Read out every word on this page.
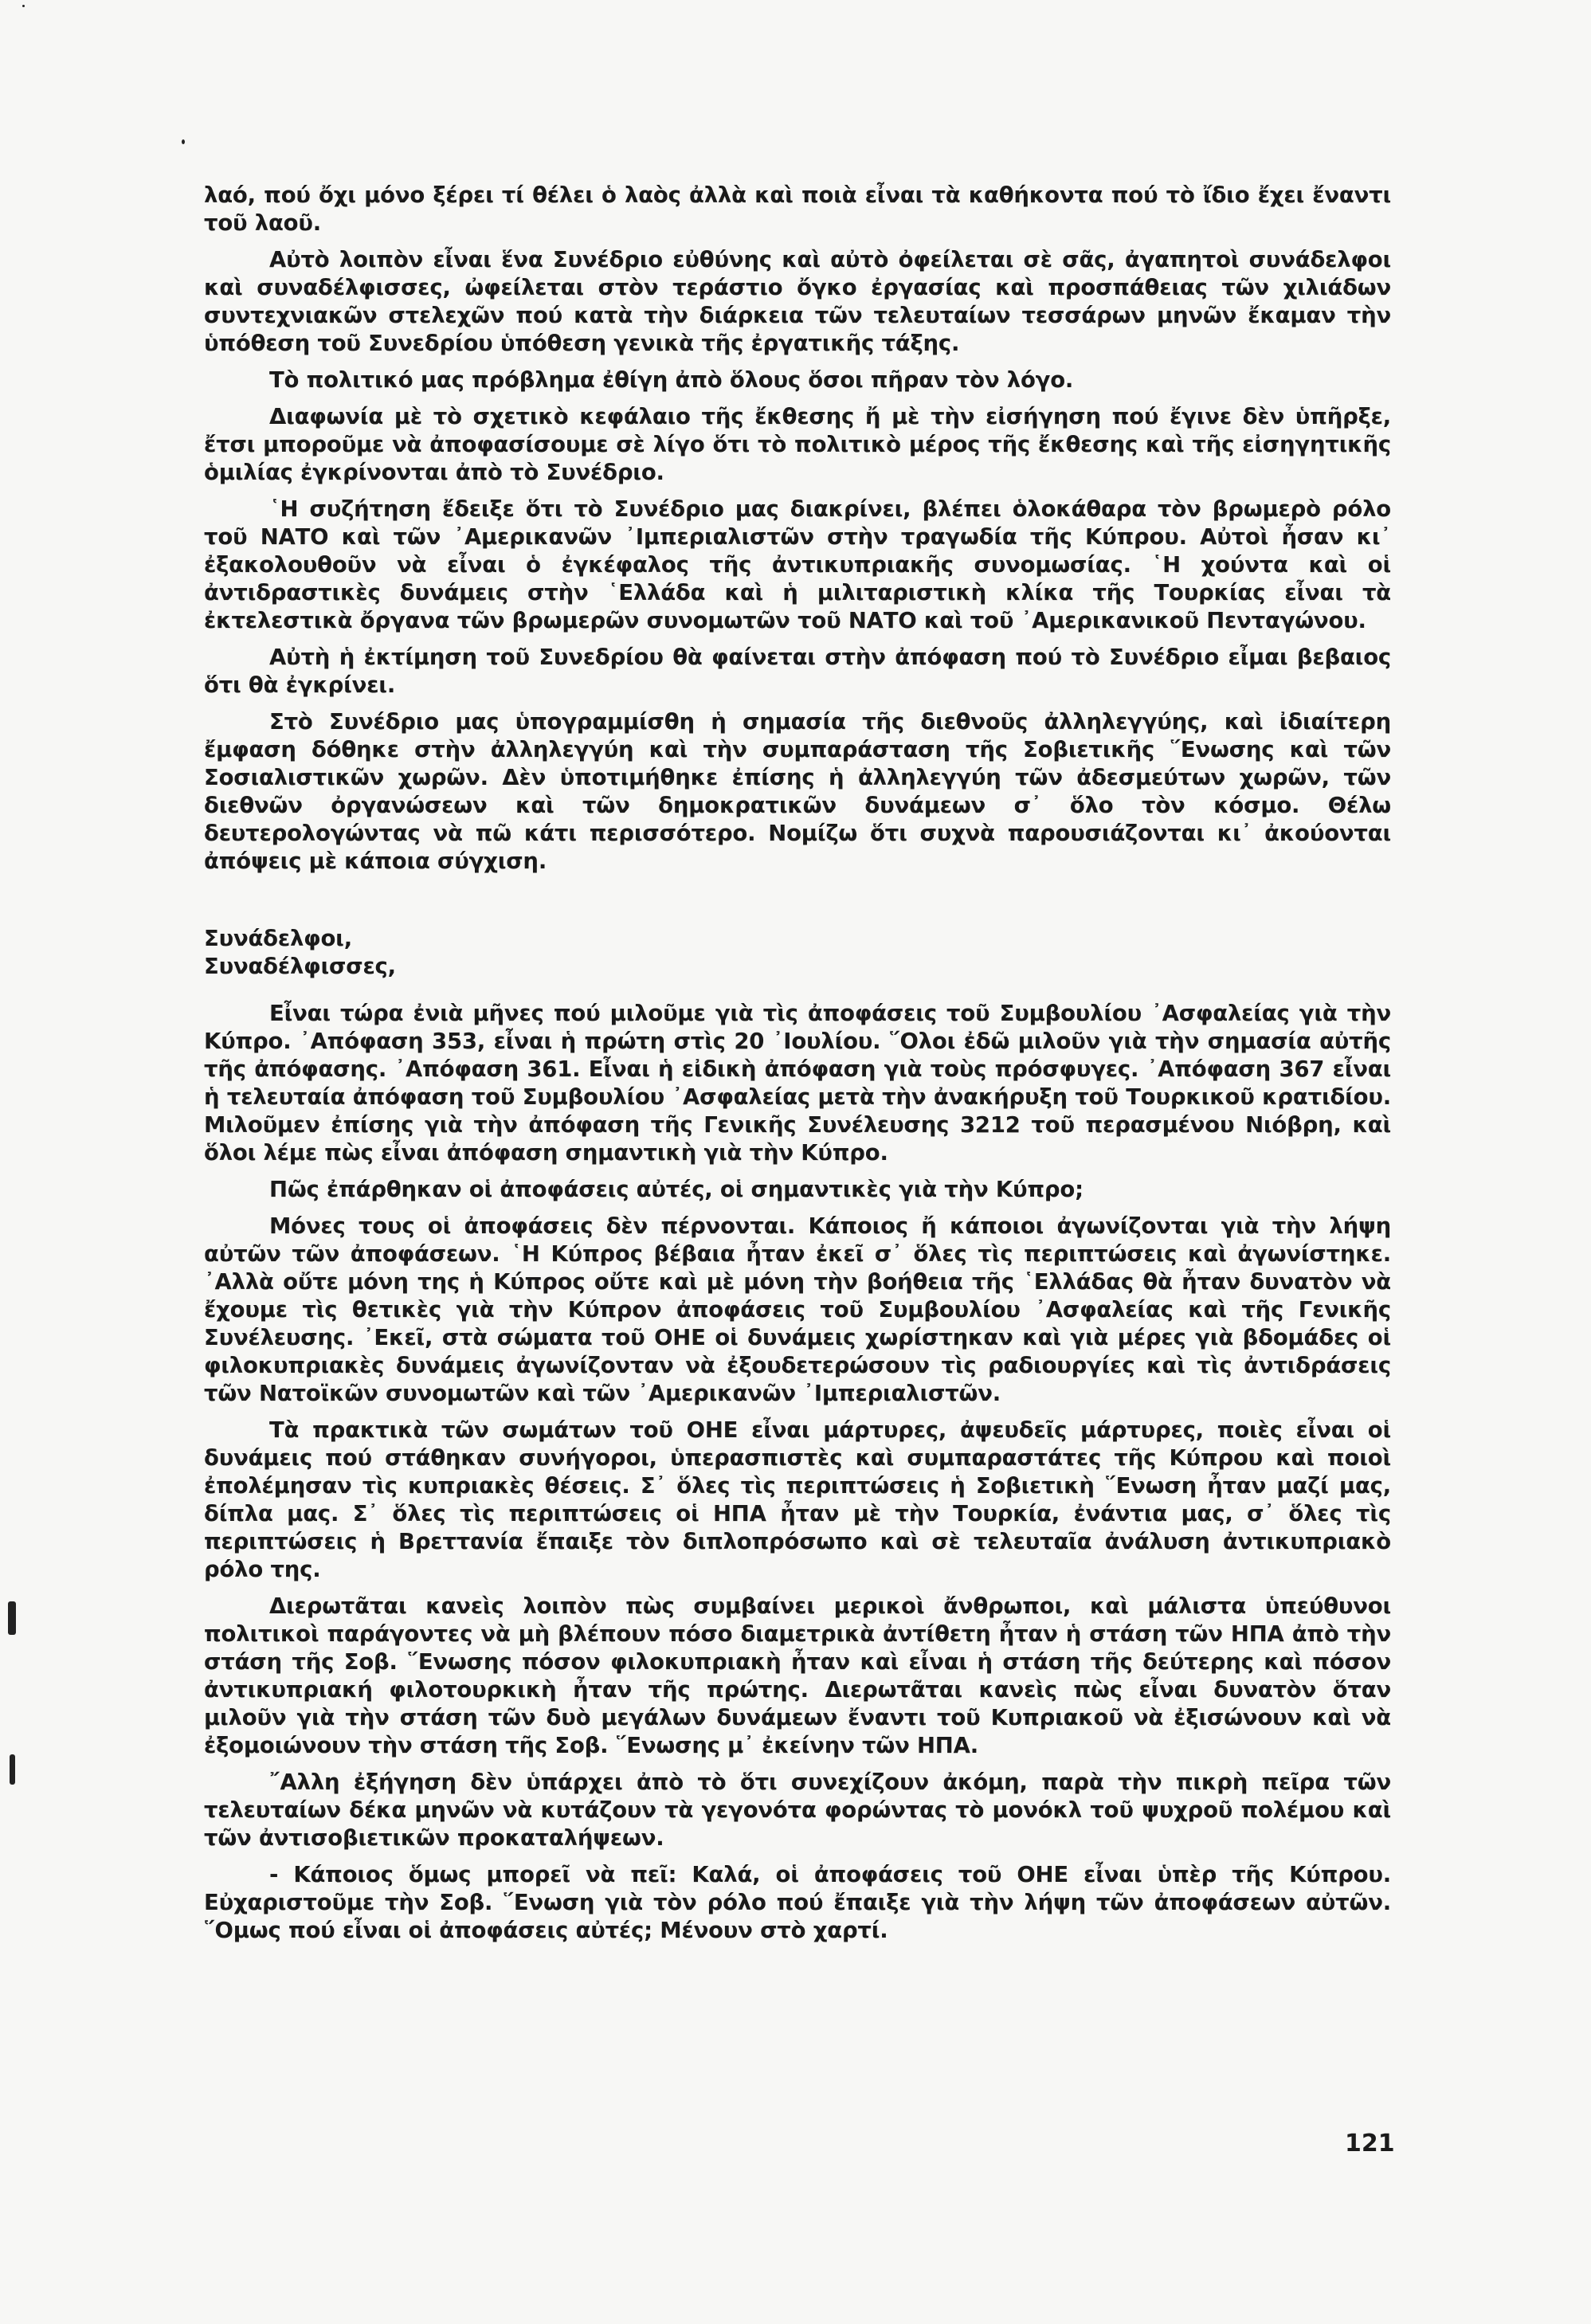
λαό, πού ὄχι μόνο ξέρει τί θέλει ὁ λαὸς ἀλλὰ καὶ ποιὰ εἶναι τὰ καθήκοντα πού τὸ ἴδιο ἔχει ἔναντι τοῦ λαοῦ.

Αὐτὸ λοιπὸν εἶναι ἕνα Συνέδριο εὐθύνης καὶ αὐτὸ ὀφείλεται σὲ σᾶς, ἀγαπητοὶ συνάδελφοι καὶ συναδέλφισσες, ὠφείλεται στὸν τεράστιο ὄγκο ἐργασίας καὶ προσπάθειας τῶν χιλιάδων συντεχνιακῶν στελεχῶν πού κατὰ τὴν διάρκεια τῶν τελευταίων τεσσάρων μηνῶν ἔκαμαν τὴν ὑπόθεση τοῦ Συνεδρίου ὑπόθεση γενικὰ τῆς ἐργατικῆς τάξης.

Τὸ πολιτικό μας πρόβλημα ἐθίγη ἀπὸ ὅλους ὅσοι πῆραν τὸν λόγο.

Διαφωνία μὲ τὸ σχετικὸ κεφάλαιο τῆς ἔκθεσης ἤ μὲ τὴν εἰσήγηση πού ἔγινε δὲν ὑπῆρξε, ἔτσι μποροῦμε νὰ ἀποφασίσουμε σὲ λίγο ὅτι τὸ πολιτικὸ μέρος τῆς ἔκθεσης καὶ τῆς εἰσηγητικῆς ὁμιλίας ἐγκρίνονται ἀπὸ τὸ Συνέδριο.

῾Η συζήτηση ἔδειξε ὅτι τὸ Συνέδριο μας διακρίνει, βλέπει ὁλοκάθαρα τὸν βρωμερὸ ρόλο τοῦ ΝΑΤΟ καὶ τῶν ᾿Αμερικανῶν ᾿Ιμπεριαλιστῶν στὴν τραγωδία τῆς Κύπρου. Αὐτοὶ ἦσαν κι᾿ ἐξακολουθοῦν νὰ εἶναι ὁ ἐγκέφαλος τῆς ἀντικυπριακῆς συνομωσίας. ῾Η χούντα καὶ οἱ ἀντιδραστικὲς δυνάμεις στὴν ῾Ελλάδα καὶ ἡ μιλιταριστικὴ κλίκα τῆς Τουρκίας εἶναι τὰ ἐκτελεστικὰ ὄργανα τῶν βρωμερῶν συνομωτῶν τοῦ ΝΑΤΟ καὶ τοῦ ᾿Αμερικανικοῦ Πενταγώνου.

Αὐτὴ ἡ ἐκτίμηση τοῦ Συνεδρίου θὰ φαίνεται στὴν ἀπόφαση πού τὸ Συνέδριο εἶμαι βεβαιος ὅτι θὰ ἐγκρίνει.

Στὸ Συνέδριο μας ὑπογραμμίσθη ἡ σημασία τῆς διεθνοῦς ἀλληλεγγύης, καὶ ἰδιαίτερη ἔμφαση δόθηκε στὴν ἀλληλεγγύη καὶ τὴν συμπαράσταση τῆς Σοβιετικῆς ῞Ενωσης καὶ τῶν Σοσιαλιστικῶν χωρῶν. Δὲν ὑποτιμήθηκε ἐπίσης ἡ ἀλληλεγγύη τῶν ἀδεσμεύτων χωρῶν, τῶν διεθνῶν ὀργανώσεων καὶ τῶν δημοκρατικῶν δυνάμεων σ᾿ ὅλο τὸν κόσμο. Θέλω δευτερολογώντας νὰ πῶ κάτι περισσότερο. Νομίζω ὅτι συχνὰ παρουσιάζονται κι᾿ ἀκούονται ἀπόψεις μὲ κάποια σύγχιση.

Συνάδελφοι,
Συναδέλφισσες,

Εἶναι τώρα ἐνιὰ μῆνες πού μιλοῦμε γιὰ τὶς ἀποφάσεις τοῦ Συμβουλίου ᾿Ασφαλείας γιὰ τὴν Κύπρο. ᾿Απόφαση 353, εἶναι ἡ πρώτη στὶς 20 ᾿Ιουλίου. ῞Ολοι ἐδῶ μιλοῦν γιὰ τὴν σημασία αὐτῆς τῆς ἀπόφασης. ᾿Απόφαση 361. Εἶναι ἡ εἰδικὴ ἀπόφαση γιὰ τοὺς πρόσφυγες. ᾿Απόφαση 367 εἶναι ἡ τελευταία ἀπόφαση τοῦ Συμβουλίου ᾿Ασφαλείας μετὰ τὴν ἀνακήρυξη τοῦ Τουρκικοῦ κρατιδίου. Μιλοῦμεν ἐπίσης γιὰ τὴν ἀπόφαση τῆς Γενικῆς Συνέλευσης 3212 τοῦ περασμένου Νιόβρη, καὶ ὅλοι λέμε πὼς εἶναι ἀπόφαση σημαντικὴ γιὰ τὴν Κύπρο.

Πῶς ἐπάρθηκαν οἱ ἀποφάσεις αὐτές, οἱ σημαντικὲς γιὰ τὴν Κύπρο;

Μόνες τους οἱ ἀποφάσεις δὲν πέρνονται. Κάποιος ἤ κάποιοι ἀγωνίζονται γιὰ τὴν λήψη αὐτῶν τῶν ἀποφάσεων. ῾Η Κύπρος βέβαια ἦταν ἐκεῖ σ᾿ ὅλες τὶς περιπτώσεις καὶ ἀγωνίστηκε. ᾿Αλλὰ οὔτε μόνη της ἡ Κύπρος οὔτε καὶ μὲ μόνη τὴν βοήθεια τῆς ῾Ελλάδας θὰ ἦταν δυνατὸν νὰ ἔχουμε τὶς θετικὲς γιὰ τὴν Κύπρον ἀποφάσεις τοῦ Συμβουλίου ᾿Ασφαλείας καὶ τῆς Γενικῆς Συνέλευσης. ᾿Εκεῖ, στὰ σώματα τοῦ ΟΗΕ οἱ δυνάμεις χωρίστηκαν καὶ γιὰ μέρες γιὰ βδομάδες οἱ φιλοκυπριακὲς δυνάμεις ἀγωνίζονταν νὰ ἐξουδετερώσουν τὶς ραδιουργίες καὶ τὶς ἀντιδράσεις τῶν Νατοϊκῶν συνομωτῶν καὶ τῶν ᾿Αμερικανῶν ᾿Ιμπεριαλιστῶν.

Τὰ πρακτικὰ τῶν σωμάτων τοῦ ΟΗΕ εἶναι μάρτυρες, ἀψευδεῖς μάρτυρες, ποιὲς εἶναι οἱ δυνάμεις πού στάθηκαν συνήγοροι, ὑπερασπιστὲς καὶ συμπαραστάτες τῆς Κύπρου καὶ ποιοὶ ἐπολέμησαν τὶς κυπριακὲς θέσεις. Σ᾿ ὅλες τὶς περιπτώσεις ἡ Σοβιετικὴ ῞Ενωση ἦταν μαζί μας, δίπλα μας. Σ᾿ ὅλες τὶς περιπτώσεις οἱ ΗΠΑ ἦταν μὲ τὴν Τουρκία, ἐνάντια μας, σ᾿ ὅλες τὶς περιπτώσεις ἡ Βρεττανία ἔπαιξε τὸν διπλοπρόσωπο καὶ σὲ τελευταῖα ἀνάλυση ἀντικυπριακὸ ρόλο της.

Διερωτᾶται κανεὶς λοιπὸν πὼς συμβαίνει μερικοὶ ἄνθρωποι, καὶ μάλιστα ὑπεύθυνοι πολιτικοὶ παράγοντες νὰ μὴ βλέπουν πόσο διαμετρικὰ ἀντίθετη ἦταν ἡ στάση τῶν ΗΠΑ ἀπὸ τὴν στάση τῆς Σοβ. ῞Ενωσης πόσον φιλοκυπριακὴ ἦταν καὶ εἶναι ἡ στάση τῆς δεύτερης καὶ πόσον ἀντικυπριακή φιλοτουρκικὴ ἦταν τῆς πρώτης. Διερωτᾶται κανεὶς πὼς εἶναι δυνατὸν ὅταν μιλοῦν γιὰ τὴν στάση τῶν δυὸ μεγάλων δυνάμεων ἔναντι τοῦ Κυπριακοῦ νὰ ἐξισώνουν καὶ νὰ ἐξομοιώνουν τὴν στάση τῆς Σοβ. ῞Ενωσης μ᾿ ἐκείνην τῶν ΗΠΑ.

῎Αλλη ἐξήγηση δὲν ὑπάρχει ἀπὸ τὸ ὅτι συνεχίζουν ἀκόμη, παρὰ τὴν πικρὴ πεῖρα τῶν τελευταίων δέκα μηνῶν νὰ κυτάζουν τὰ γεγονότα φορώντας τὸ μονόκλ τοῦ ψυχροῦ πολέμου καὶ τῶν ἀντισοβιετικῶν προκαταλήψεων.

- Κάποιος ὅμως μπορεῖ νὰ πεῖ: Καλά, οἱ ἀποφάσεις τοῦ ΟΗΕ εἶναι ὑπὲρ τῆς Κύπρου. Εὐχαριστοῦμε τὴν Σοβ. ῞Ενωση γιὰ τὸν ρόλο πού ἔπαιξε γιὰ τὴν λήψη τῶν ἀποφάσεων αὐτῶν. ῞Ομως πού εἶναι οἱ ἀποφάσεις αὐτές; Μένουν στὸ χαρτί.

121
